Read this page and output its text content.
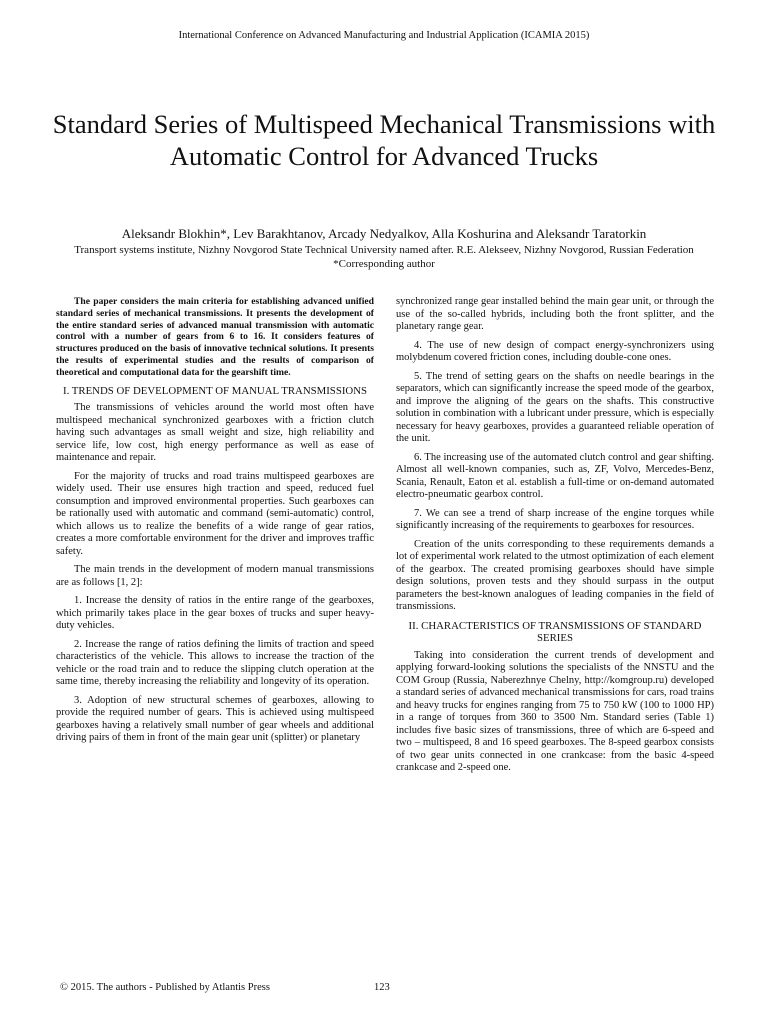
International Conference on Advanced Manufacturing and Industrial Application (ICAMIA 2015)
Standard Series of Multispeed Mechanical Transmissions with Automatic Control for Advanced Trucks
Aleksandr Blokhin*, Lev Barakhtanov, Arcady Nedyalkov, Alla Koshurina and Aleksandr Taratorkin
Transport systems institute, Nizhny Novgorod State Technical University named after. R.E. Alekseev, Nizhny Novgorod, Russian Federation
*Corresponding author

The paper considers the main criteria for establishing advanced unified standard series of mechanical transmissions. It presents the development of the entire standard series of advanced manual transmission with automatic control with a number of gears from 6 to 16. It considers features of structures produced on the basis of innovative technical solutions. It presents the results of experimental studies and the results of comparison of theoretical and computational data for the gearshift time.

I. TRENDS OF DEVELOPMENT OF MANUAL TRANSMISSIONS

The transmissions of vehicles around the world most often have multispeed mechanical synchronized gearboxes with a friction clutch having such advantages as small weight and size, high reliability and service life, low cost, high energy performance as well as ease of maintenance and repair.

For the majority of trucks and road trains multispeed gearboxes are widely used. Their use ensures high traction and speed, reduced fuel consumption and improved environmental properties. Such gearboxes can be rationally used with automatic and command (semi-automatic) control, which allows us to realize the benefits of a wide range of gear ratios, creates a more comfortable environment for the driver and improves traffic safety.

The main trends in the development of modern manual transmissions are as follows [1, 2]:

1. Increase the density of ratios in the entire range of the gearboxes, which primarily takes place in the gear boxes of trucks and super heavy-duty vehicles.

2. Increase the range of ratios defining the limits of traction and speed characteristics of the vehicle. This allows to increase the traction of the vehicle or the road train and to reduce the slipping clutch operation at the same time, thereby increasing the reliability and longevity of its operation.

3. Adoption of new structural schemes of gearboxes, allowing to provide the required number of gears. This is achieved using multispeed gearboxes having a relatively small number of gear wheels and additional driving pairs of them in front of the main gear unit (splitter) or planetary

synchronized range gear installed behind the main gear unit, or through the use of the so-called hybrids, including both the front splitter, and the planetary range gear.

4. The use of new design of compact energy-synchronizers using molybdenum covered friction cones, including double-cone ones.

5. The trend of setting gears on the shafts on needle bearings in the separators, which can significantly increase the speed mode of the gearbox, and improve the aligning of the gears on the shafts. This constructive solution in combination with a lubricant under pressure, which is especially necessary for heavy gearboxes, provides a guaranteed reliable operation of the unit.

6. The increasing use of the automated clutch control and gear shifting. Almost all well-known companies, such as, ZF, Volvo, Mercedes-Benz, Scania, Renault, Eaton et al. establish a full-time or on-demand automated electro-pneumatic gearbox control.

7. We can see a trend of sharp increase of the engine torques while significantly increasing of the requirements to gearboxes for resources.

Creation of the units corresponding to these requirements demands a lot of experimental work related to the utmost optimization of each element of the gearbox. The created promising gearboxes should have simple design solutions, proven tests and they should surpass in the output parameters the best-known analogues of leading companies in the field of transmissions.

II. CHARACTERISTICS OF TRANSMISSIONS OF STANDARD SERIES

Taking into consideration the current trends of development and applying forward-looking solutions the specialists of the NNSTU and the COM Group (Russia, Naberezhnye Chelny, http://komgroup.ru) developed a standard series of advanced mechanical transmissions for cars, road trains and heavy trucks for engines ranging from 75 to 750 kW (100 to 1000 HP) in a range of torques from 360 to 3500 Nm. Standard series (Table 1) includes five basic sizes of transmissions, three of which are 6-speed and two – multispeed, 8 and 16 speed gearboxes. The 8-speed gearbox consists of two gear units connected in one crankcase: from the basic 4-speed crankcase and 2-speed one.

© 2015. The authors - Published by Atlantis Press	123
